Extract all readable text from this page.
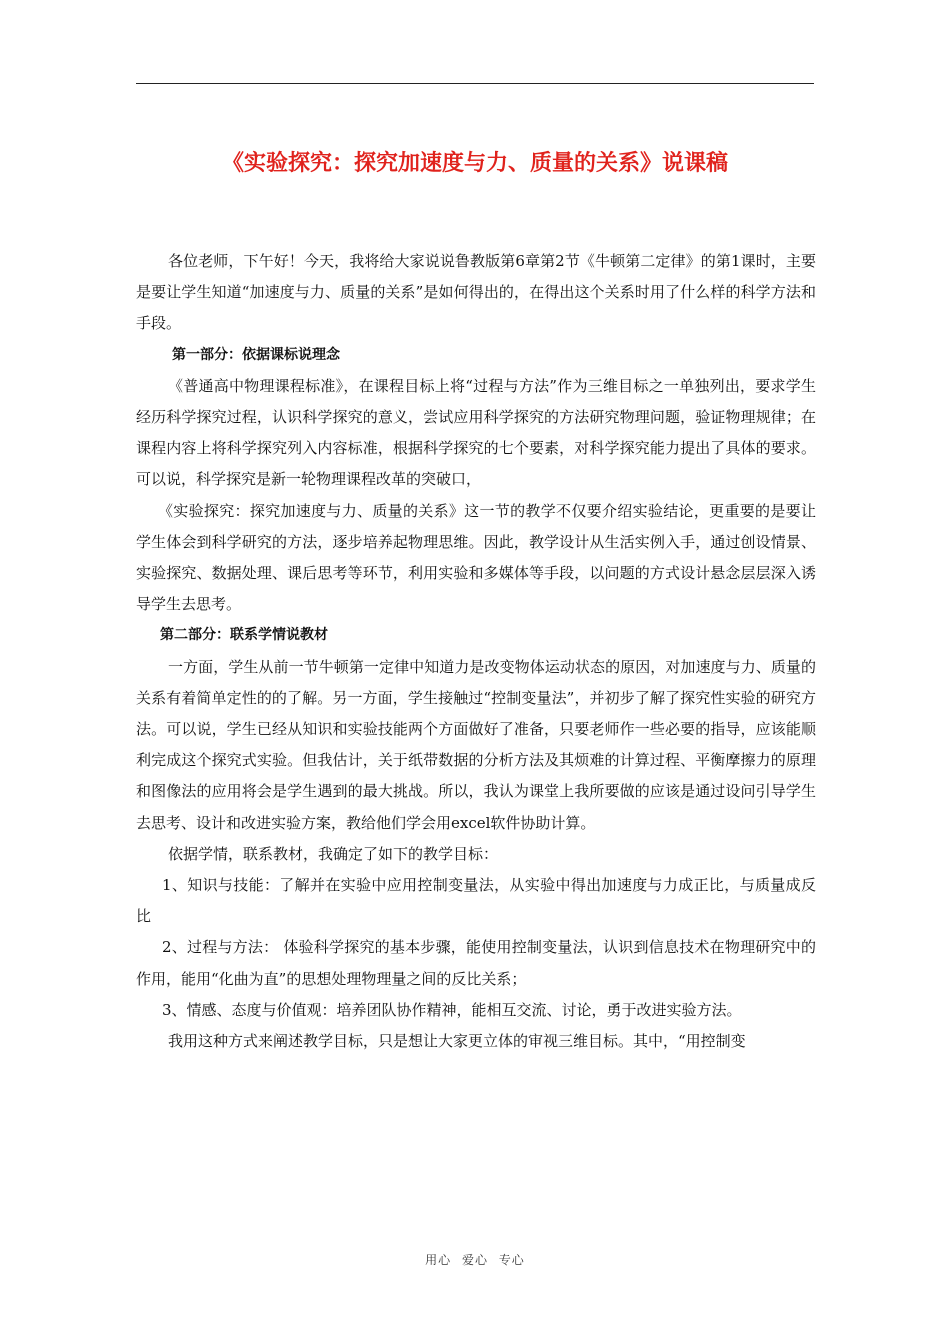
《实验探究：探究加速度与力、质量的关系》说课稿

各位老师，下午好！今天，我将给大家说说鲁教版第6章第2节《牛顿第二定律》的第1课时，主要是要让学生知道“加速度与力、质量的关系”是如何得出的，在得出这个关系时用了什么样的科学方法和手段。

第一部分：依据课标说理念

《普通高中物理课程标准》，在课程目标上将“过程与方法”作为三维目标之一单独列出，要求学生经历科学探究过程，认识科学探究的意义，尝试应用科学探究的方法研究物理问题，验证物理规律；在课程内容上将科学探究列入内容标准，根据科学探究的七个要素，对科学探究能力提出了具体的要求。可以说，科学探究是新一轮物理课程改革的突破口，

《实验探究：探究加速度与力、质量的关系》这一节的教学不仅要介绍实验结论，更重要的是要让学生体会到科学研究的方法，逐步培养起物理思维。因此，教学设计从生活实例入手，通过创设情景、实验探究、数据处理、课后思考等环节，利用实验和多媒体等手段，以问题的方式设计悬念层层深入诱导学生去思考。

第二部分：联系学情说教材

一方面，学生从前一节牛顿第一定律中知道力是改变物体运动状态的原因，对加速度与力、质量的关系有着简单定性的的了解。另一方面，学生接触过“控制变量法”，并初步了解了探究性实验的研究方法。可以说，学生已经从知识和实验技能两个方面做好了准备，只要老师作一些必要的指导，应该能顺利完成这个探究式实验。但我估计，关于纸带数据的分析方法及其烦难的计算过程、平衡摩擦力的原理和图像法的应用将会是学生遇到的最大挑战。所以，我认为课堂上我所要做的应该是通过设问引导学生去思考、设计和改进实验方案，教给他们学会用excel软件协助计算。

依据学情，联系教材，我确定了如下的教学目标：

1、知识与技能：了解并在实验中应用控制变量法，从实验中得出加速度与力成正比，与质量成反比

2、过程与方法： 体验科学探究的基本步骤，能使用控制变量法，认识到信息技术在物理研究中的作用，能用“化曲为直”的思想处理物理量之间的反比关系；

3、情感、态度与价值观：培养团队协作精神，能相互交流、讨论，勇于改进实验方法。

我用这种方式来阐述教学目标，只是想让大家更立体的审视三维目标。其中，“用控制变

用心 爱心 专心
